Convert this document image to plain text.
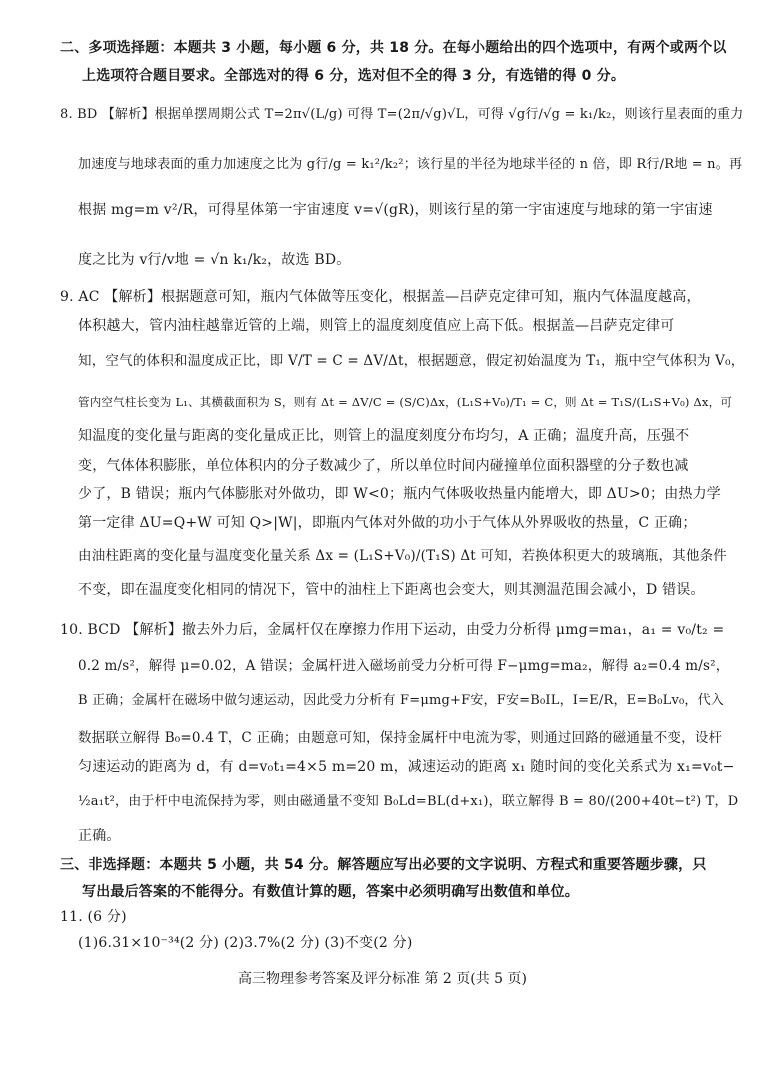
二、多项选择题：本题共 3 小题，每小题 6 分，共 18 分。在每小题给出的四个选项中，有两个或两个以
上选项符合题目要求。全部选对的得 6 分，选对但不全的得 3 分，有选错的得 0 分。
8. BD 【解析】根据单摆周期公式 T=2π√(L/g) 可得 T=(2π/√g)√L，可得 √g行/√g = k₁/k₂，则该行星表面的重力
加速度与地球表面的重力加速度之比为 g行/g = k₁²/k₂²；该行星的半径为地球半径的 n 倍，即 R行/R地 = n。再
根据 mg=m v²/R，可得星体第一宇宙速度 v=√(gR)，则该行星的第一宇宙速度与地球的第一宇宙速
度之比为 v行/v地 = √n k₁/k₂，故选 BD。
9. AC 【解析】根据题意可知，瓶内气体做等压变化，根据盖—吕萨克定律可知，瓶内气体温度越高，
体积越大，管内油柱越靠近管的上端，则管上的温度刻度值应上高下低。根据盖—吕萨克定律可
知，空气的体积和温度成正比，即 V/T = C = ΔV/Δt，根据题意，假定初始温度为 T₁，瓶中空气体积为 V₀，
管内空气柱长变为 L₁、其横截面积为 S，则有 Δt = ΔV/C = (S/C)Δx，(L₁S+V₀)/T₁ = C，则 Δt = T₁S/(L₁S+V₀) Δx，可
知温度的变化量与距离的变化量成正比，则管上的温度刻度分布均匀，A 正确；温度升高，压强不
变，气体体积膨胀，单位体积内的分子数减少了，所以单位时间内碰撞单位面积器壁的分子数也减
少了，B 错误；瓶内气体膨胀对外做功，即 W<0；瓶内气体吸收热量内能增大，即 ΔU>0；由热力学
第一定律 ΔU=Q+W 可知 Q>|W|，即瓶内气体对外做的功小于气体从外界吸收的热量，C 正确；
由油柱距离的变化量与温度变化量关系 Δx = (L₁S+V₀)/(T₁S) Δt 可知，若换体积更大的玻璃瓶，其他条件
不变，即在温度变化相同的情况下，管中的油柱上下距离也会变大，则其测温范围会减小，D 错误。
10. BCD 【解析】撤去外力后，金属杆仅在摩擦力作用下运动，由受力分析得 μmg=ma₁，a₁ = v₀/t₂ =
0.2 m/s²，解得 μ=0.02，A 错误；金属杆进入磁场前受力分析可得 F−μmg=ma₂，解得 a₂=0.4 m/s²，
B 正确；金属杆在磁场中做匀速运动，因此受力分析有 F=μmg+F安，F安=B₀IL，I=E/R，E=B₀Lv₀，代入
数据联立解得 B₀=0.4 T，C 正确；由题意可知，保持金属杆中电流为零，则通过回路的磁通量不变，设杆
匀速运动的距离为 d，有 d=v₀t₁=4×5 m=20 m，减速运动的距离 x₁ 随时间的变化关系式为 x₁=v₀t−
½a₁t²，由于杆中电流保持为零，则由磁通量不变知 B₀Ld=BL(d+x₁)，联立解得 B = 80/(200+40t−t²) T，D
正确。
三、非选择题：本题共 5 小题，共 54 分。解答题应写出必要的文字说明、方程式和重要答题步骤，只
写出最后答案的不能得分。有数值计算的题，答案中必须明确写出数值和单位。
11. (6 分)
(1)6.31×10⁻³⁴(2 分) (2)3.7%(2 分) (3)不变(2 分)
高三物理参考答案及评分标准 第 2 页(共 5 页)
